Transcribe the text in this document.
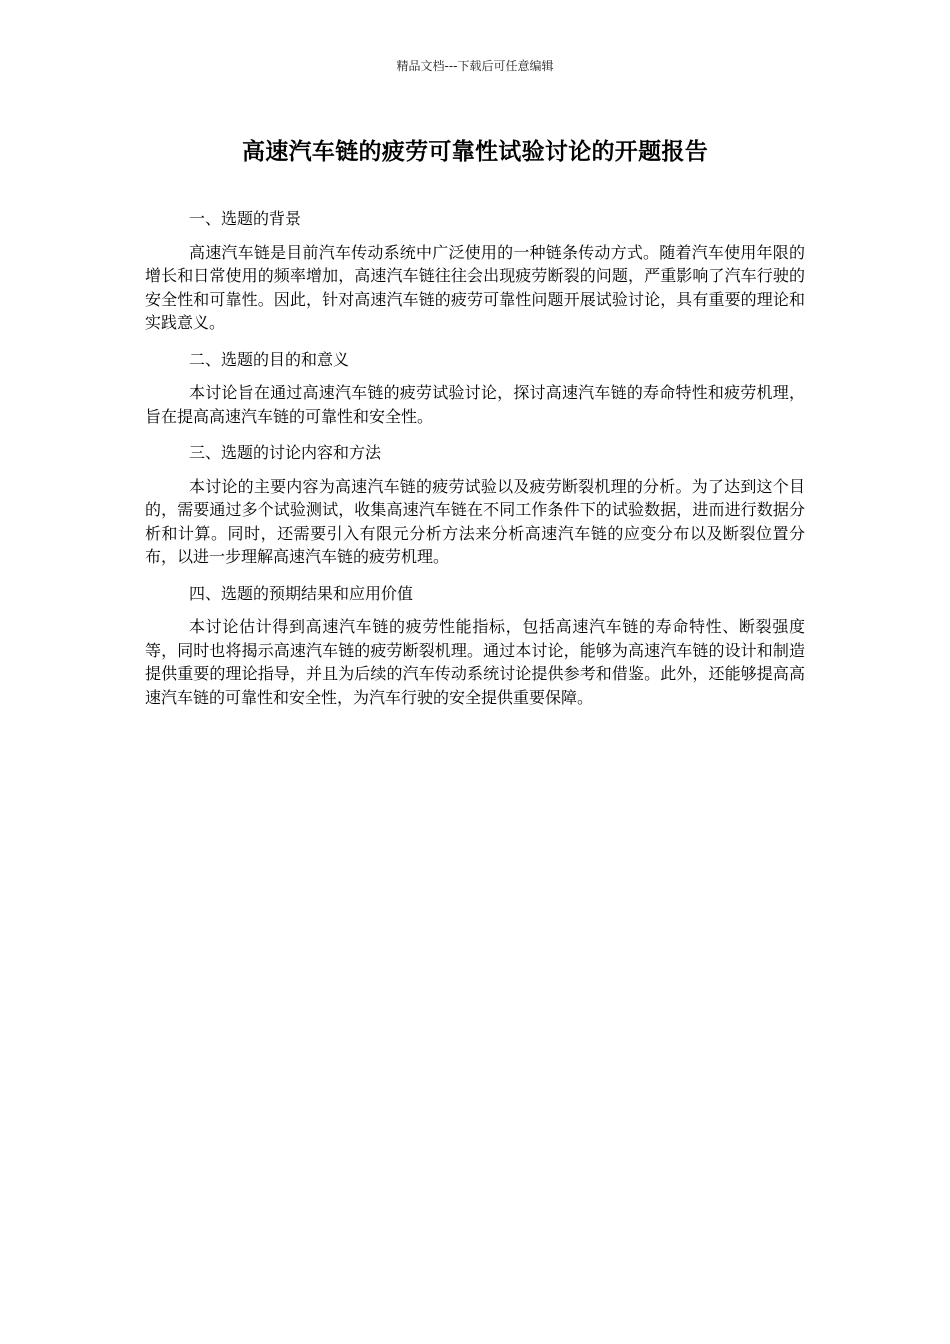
精品文档---下载后可任意编辑
高速汽车链的疲劳可靠性试验讨论的开题报告

一、选题的背景

高速汽车链是目前汽车传动系统中广泛使用的一种链条传动方式。随着汽车使用年限的增长和日常使用的频率增加，高速汽车链往往会出现疲劳断裂的问题，严重影响了汽车行驶的安全性和可靠性。因此，针对高速汽车链的疲劳可靠性问题开展试验讨论，具有重要的理论和实践意义。

二、选题的目的和意义

本讨论旨在通过高速汽车链的疲劳试验讨论，探讨高速汽车链的寿命特性和疲劳机理，旨在提高高速汽车链的可靠性和安全性。

三、选题的讨论内容和方法

本讨论的主要内容为高速汽车链的疲劳试验以及疲劳断裂机理的分析。为了达到这个目的，需要通过多个试验测试，收集高速汽车链在不同工作条件下的试验数据，进而进行数据分析和计算。同时，还需要引入有限元分析方法来分析高速汽车链的应变分布以及断裂位置分布，以进一步理解高速汽车链的疲劳机理。

四、选题的预期结果和应用价值

本讨论估计得到高速汽车链的疲劳性能指标，包括高速汽车链的寿命特性、断裂强度等，同时也将揭示高速汽车链的疲劳断裂机理。通过本讨论，能够为高速汽车链的设计和制造提供重要的理论指导，并且为后续的汽车传动系统讨论提供参考和借鉴。此外，还能够提高高速汽车链的可靠性和安全性，为汽车行驶的安全提供重要保障。
